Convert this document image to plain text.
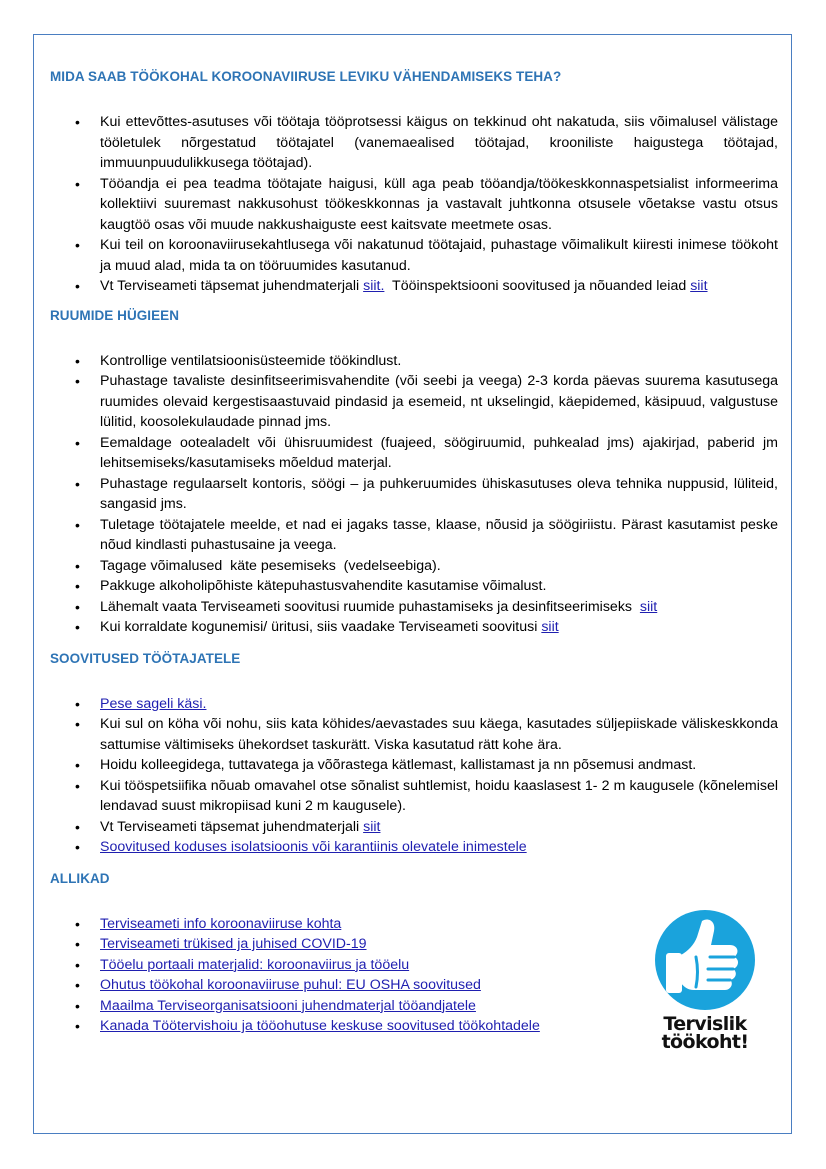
MIDA SAAB TÖÖKOHAL KOROONAVIIRUSE LEVIKU VÄHENDAMISEKS TEHA?
• Kui ettevõttes-asutuses või töötaja tööprotsessi käigus on tekkinud oht nakatuda, siis võimalusel välistage tööletulek nõrgestatud töötajatel (vanemaealised töötajad, krooniliste haigustega töötajad, immuunpuudulikkusega töötajad).
• Tööandja ei pea teadma töötajate haigusi, küll aga peab tööandja/töökeskkonnaspetsialist informeerima kollektiivi suuremast nakkusohust töökeskkonnas ja vastavalt juhtkonna otsusele võetakse vastu otsus kaugtöö osas või muude nakkushaiguste eest kaitsvate meetmete osas.
• Kui teil on koroonaviirusekahtlusega või nakatunud töötajaid, puhastage võimalikult kiiresti inimese töökoht ja muud alad, mida ta on tööruumides kasutanud.
• Vt Terviseameti täpsemat juhendmaterjali siit.  Tööinspektsiooni soovitused ja nõuanded leiad siit
RUUMIDE HÜGIEEN
• Kontrollige ventilatsioonisüsteemide töökindlust.
• Puhastage tavaliste desinfitseerimisvahendite (või seebi ja veega) 2-3 korda päevas suurema kasutusega ruumides olevaid kergestisaastuvaid pindasid ja esemeid, nt ukselingid, käepidemed, käsipuud, valgustuse lülitid, koosolekulaudade pinnad jms.
• Eemaldage ootealadelt või ühisruumidest (fuajeed, söögiruumid, puhkealad jms) ajakirjad, paberid jm lehitsemiseks/kasutamiseks mõeldud materjal.
• Puhastage regulaarselt kontoris, söögi – ja puhkeruumides ühiskasutuses oleva tehnika nuppusid, lüliteid, sangasid jms.
• Tuletage töötajatele meelde, et nad ei jagaks tasse, klaase, nõusid ja söögiriistu. Pärast kasutamist peske nõud kindlasti puhastusaine ja veega.
• Tagage võimalused  käte pesemiseks  (vedelseebiga).
• Pakkuge alkoholipõhiste kätepuhastusvahendite kasutamise võimalust.
• Lähemalt vaata Terviseameti soovitusi ruumide puhastamiseks ja desinfitseerimiseks  siit
• Kui korraldate kogunemisi/ üritusi, siis vaadake Terviseameti soovitusi siit
SOOVITUSED TÖÖTAJATELE
• Pese sageli käsi.
• Kui sul on köha või nohu, siis kata köhides/aevastades suu käega, kasutades süljepiiskade väliskeskkonda sattumise vältimiseks ühekordset taskurätt. Viska kasutatud rätt kohe ära.
• Hoidu kolleegidega, tuttavatega ja võõrastega kätlemast, kallistamast ja nn põsemusi andmast.
• Kui tööspetsiifika nõuab omavahel otse sõnalist suhtlemist, hoidu kaaslasest 1- 2 m kaugusele (kõnelemisel lendavad suust mikropiisad kuni 2 m kaugusele).
• Vt Terviseameti täpsemat juhendmaterjali siit
• Soovitused koduses isolatsioonis või karantiinis olevatele inimestele
ALLIKAD
• Terviseameti info koroonaviiruse kohta
• Terviseameti trükised ja juhised COVID-19
• Tööelu portaali materjalid: koroonaviirus ja tööelu
• Ohutus töökohal koroonaviiruse puhul: EU OSHA soovitused
• Maailma Terviseorganisatsiooni juhendmaterjal tööandjatele
• Kanada Töötervishoiu ja tööohutuse keskuse soovitused töökohtadele	Tervislik
töökoht!
